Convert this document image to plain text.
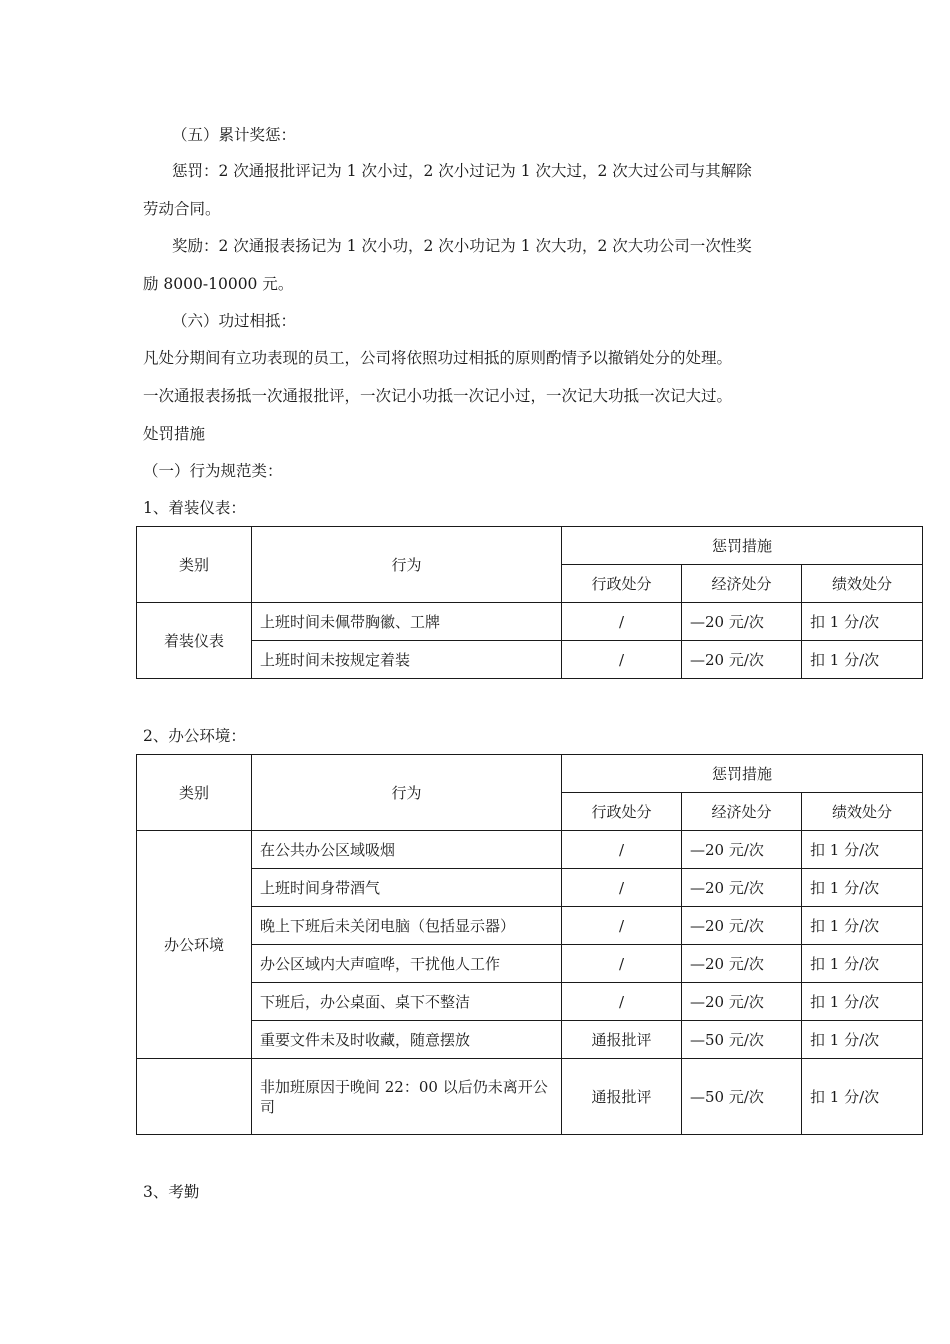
（五）累计奖惩：
惩罚：2 次通报批评记为 1 次小过，2 次小过记为 1 次大过，2 次大过公司与其解除
劳动合同。
奖励：2 次通报表扬记为 1 次小功，2 次小功记为 1 次大功，2 次大功公司一次性奖
励 8000-10000 元。
（六）功过相抵：
凡处分期间有立功表现的员工，公司将依照功过相抵的原则酌情予以撤销处分的处理。
一次通报表扬抵一次通报批评，一次记小功抵一次记小过，一次记大功抵一次记大过。
处罚措施
（一）行为规范类：
1、着装仪表：
类别	行为	惩罚措施		
		行政处分	经济处分	绩效处分
着装仪表	上班时间未佩带胸徽、工牌	/	—20 元/次	扣 1 分/次
	上班时间未按规定着装	/	—20 元/次	扣 1 分/次
2、办公环境：
类别	行为	惩罚措施		
		行政处分	经济处分	绩效处分
办公环境	在公共办公区域吸烟	/	—20 元/次	扣 1 分/次
	上班时间身带酒气	/	—20 元/次	扣 1 分/次
	晚上下班后未关闭电脑（包括显示器）	/	—20 元/次	扣 1 分/次
	办公区域内大声喧哗，干扰他人工作	/	—20 元/次	扣 1 分/次
	下班后，办公桌面、桌下不整洁	/	—20 元/次	扣 1 分/次
	重要文件未及时收藏，随意摆放	通报批评	—50 元/次	扣 1 分/次
	非加班原因于晚间 22：00 以后仍未离开公
司	通报批评	—50 元/次	扣 1 分/次
3、考勤
